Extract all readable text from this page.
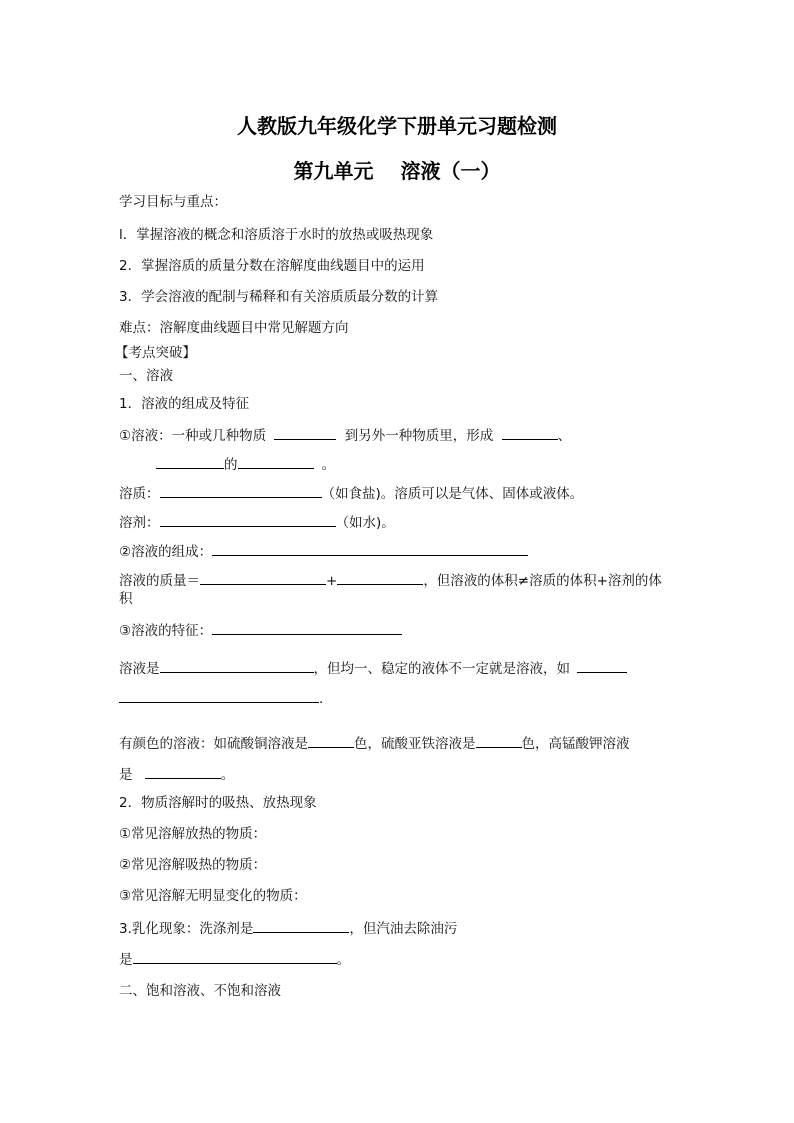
人教版九年级化学下册单元习题检测
第九单元　 溶液（一）
学习目标与重点：
l．掌握溶液的概念和溶质溶于水时的放热或吸热现象
2．掌握溶质的质量分数在溶解度曲线题目中的运用
3．学会溶液的配制与稀释和有关溶质质最分数的计算
难点：溶解度曲线题目中常见解题方向
【考点突破】
一、溶液
1．溶液的组成及特征
①溶液：一种或几种物质	到另外一种物质里，形成	、
的	。
溶质：	（如食盐)。溶质可以是气体、固体或液体。
溶剂：	（如水)。
②溶液的组成：
溶液的质量＝	+	，但溶液的体积≠溶质的体积+溶剂的体
积
③溶液的特征：
溶液是	，但均一、稳定的液体不一定就是溶液，如
.
有颜色的溶液：如硫酸铜溶液是	色，硫酸亚铁溶液是	色，高锰酸钾溶液
是	。
2．物质溶解时的吸热、放热现象
①常见溶解放热的物质：
②常见溶解吸热的物质：
③常见溶解无明显变化的物质：
3.乳化现象：洗涤剂是	，但汽油去除油污
是	。
二、饱和溶液、不饱和溶液
